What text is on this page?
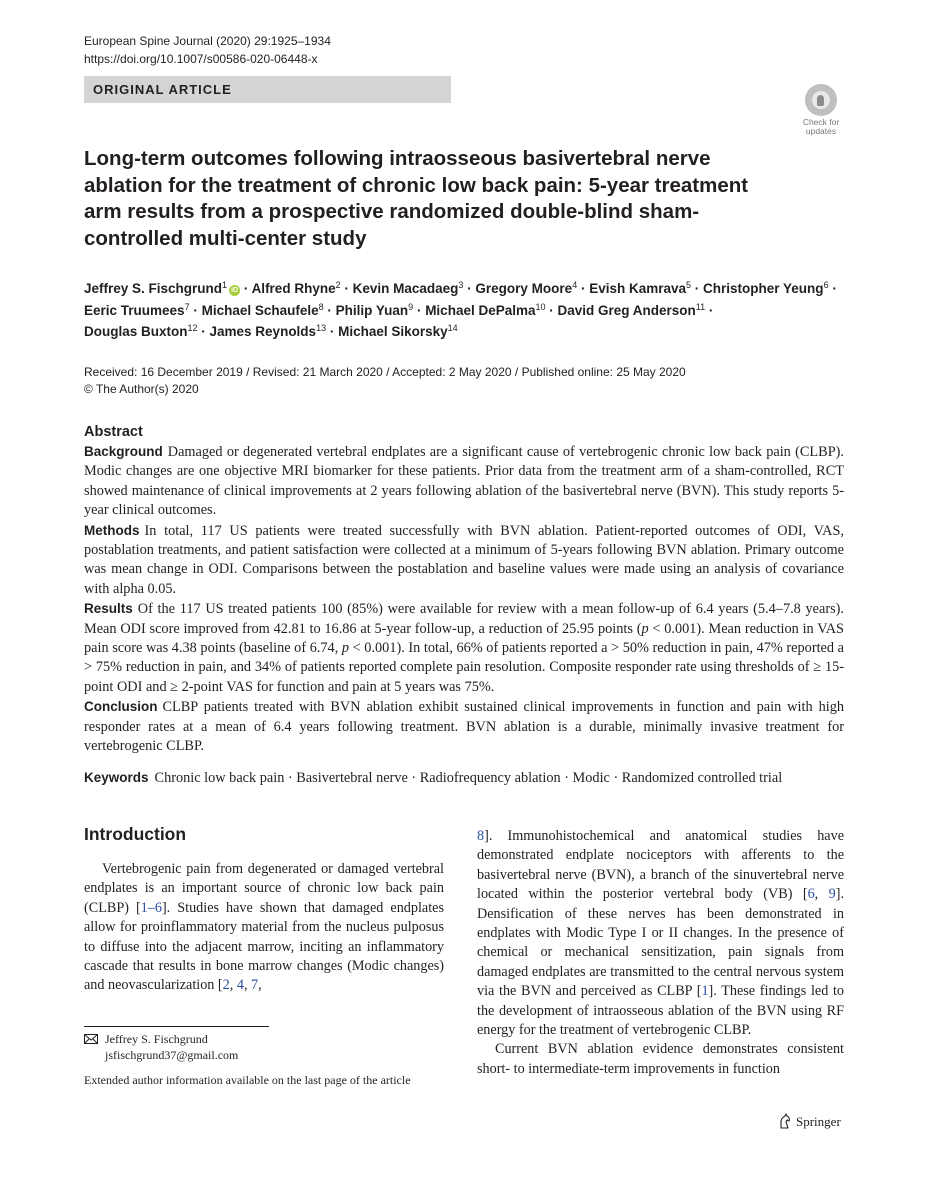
European Spine Journal (2020) 29:1925–1934
https://doi.org/10.1007/s00586-020-06448-x
ORIGINAL ARTICLE
Check for updates
Long-term outcomes following intraosseous basivertebral nerve ablation for the treatment of chronic low back pain: 5-year treatment arm results from a prospective randomized double-blind sham-controlled multi-center study
Jeffrey S. Fischgrund$^1$iD · Alfred Rhyne$^2$ · Kevin Macadaeg$^3$ · Gregory Moore$^4$ · Evish Kamrava$^5$ · Christopher Yeung$^6$ ·
Eeric Truumees$^7$ · Michael Schaufele$^8$ · Philip Yuan$^9$ · Michael DePalma$^{10}$ · David Greg Anderson$^{11}$ ·
Douglas Buxton$^{12}$ · James Reynolds$^{13}$ · Michael Sikorsky$^{14}$
Received: 16 December 2019 / Revised: 21 March 2020 / Accepted: 2 May 2020 / Published online: 25 May 2020
© The Author(s) 2020
Abstract

Background Damaged or degenerated vertebral endplates are a significant cause of vertebrogenic chronic low back pain (CLBP). Modic changes are one objective MRI biomarker for these patients. Prior data from the treatment arm of a sham-controlled, RCT showed maintenance of clinical improvements at 2 years following ablation of the basivertebral nerve (BVN). This study reports 5-year clinical outcomes.

Methods In total, 117 US patients were treated successfully with BVN ablation. Patient-reported outcomes of ODI, VAS, postablation treatments, and patient satisfaction were collected at a minimum of 5-years following BVN ablation. Primary outcome was mean change in ODI. Comparisons between the postablation and baseline values were made using an analysis of covariance with alpha 0.05.

Results Of the 117 US treated patients 100 (85%) were available for review with a mean follow-up of 6.4 years (5.4–7.8 years). Mean ODI score improved from 42.81 to 16.86 at 5-year follow-up, a reduction of 25.95 points (p < 0.001). Mean reduction in VAS pain score was 4.38 points (baseline of 6.74, p < 0.001). In total, 66% of patients reported a > 50% reduction in pain, 47% reported a > 75% reduction in pain, and 34% of patients reported complete pain resolution. Composite responder rate using thresholds of ≥ 15-point ODI and ≥ 2-point VAS for function and pain at 5 years was 75%.

Conclusion CLBP patients treated with BVN ablation exhibit sustained clinical improvements in function and pain with high responder rates at a mean of 6.4 years following treatment. BVN ablation is a durable, minimally invasive treatment for vertebrogenic CLBP.

Keywords Chronic low back pain · Basivertebral nerve · Radiofrequency ablation · Modic · Randomized controlled trial
Introduction

Vertebrogenic pain from degenerated or damaged vertebral endplates is an important source of chronic low back pain (CLBP) [1–6]. Studies have shown that damaged endplates allow for proinflammatory material from the nucleus pulposus to diffuse into the adjacent marrow, inciting an inflammatory cascade that results in bone marrow changes (Modic changes) and neovascularization [2, 4, 7,

8]. Immunohistochemical and anatomical studies have demonstrated endplate nociceptors with afferents to the basivertebral nerve (BVN), a branch of the sinuvertebral nerve located within the posterior vertebral body (VB) [6, 9]. Densification of these nerves has been demonstrated in endplates with Modic Type I or II changes. In the presence of chemical or mechanical sensitization, pain signals from damaged endplates are transmitted to the central nervous system via the BVN and perceived as CLBP [1]. These findings led to the development of intraosseous ablation of the BVN using RF energy for the treatment of vertebrogenic CLBP.

Current BVN ablation evidence demonstrates consistent short- to intermediate-term improvements in function

Jeffrey S. Fischgrund
jsfischgrund37@gmail.com
Extended author information available on the last page of the article
Springer
